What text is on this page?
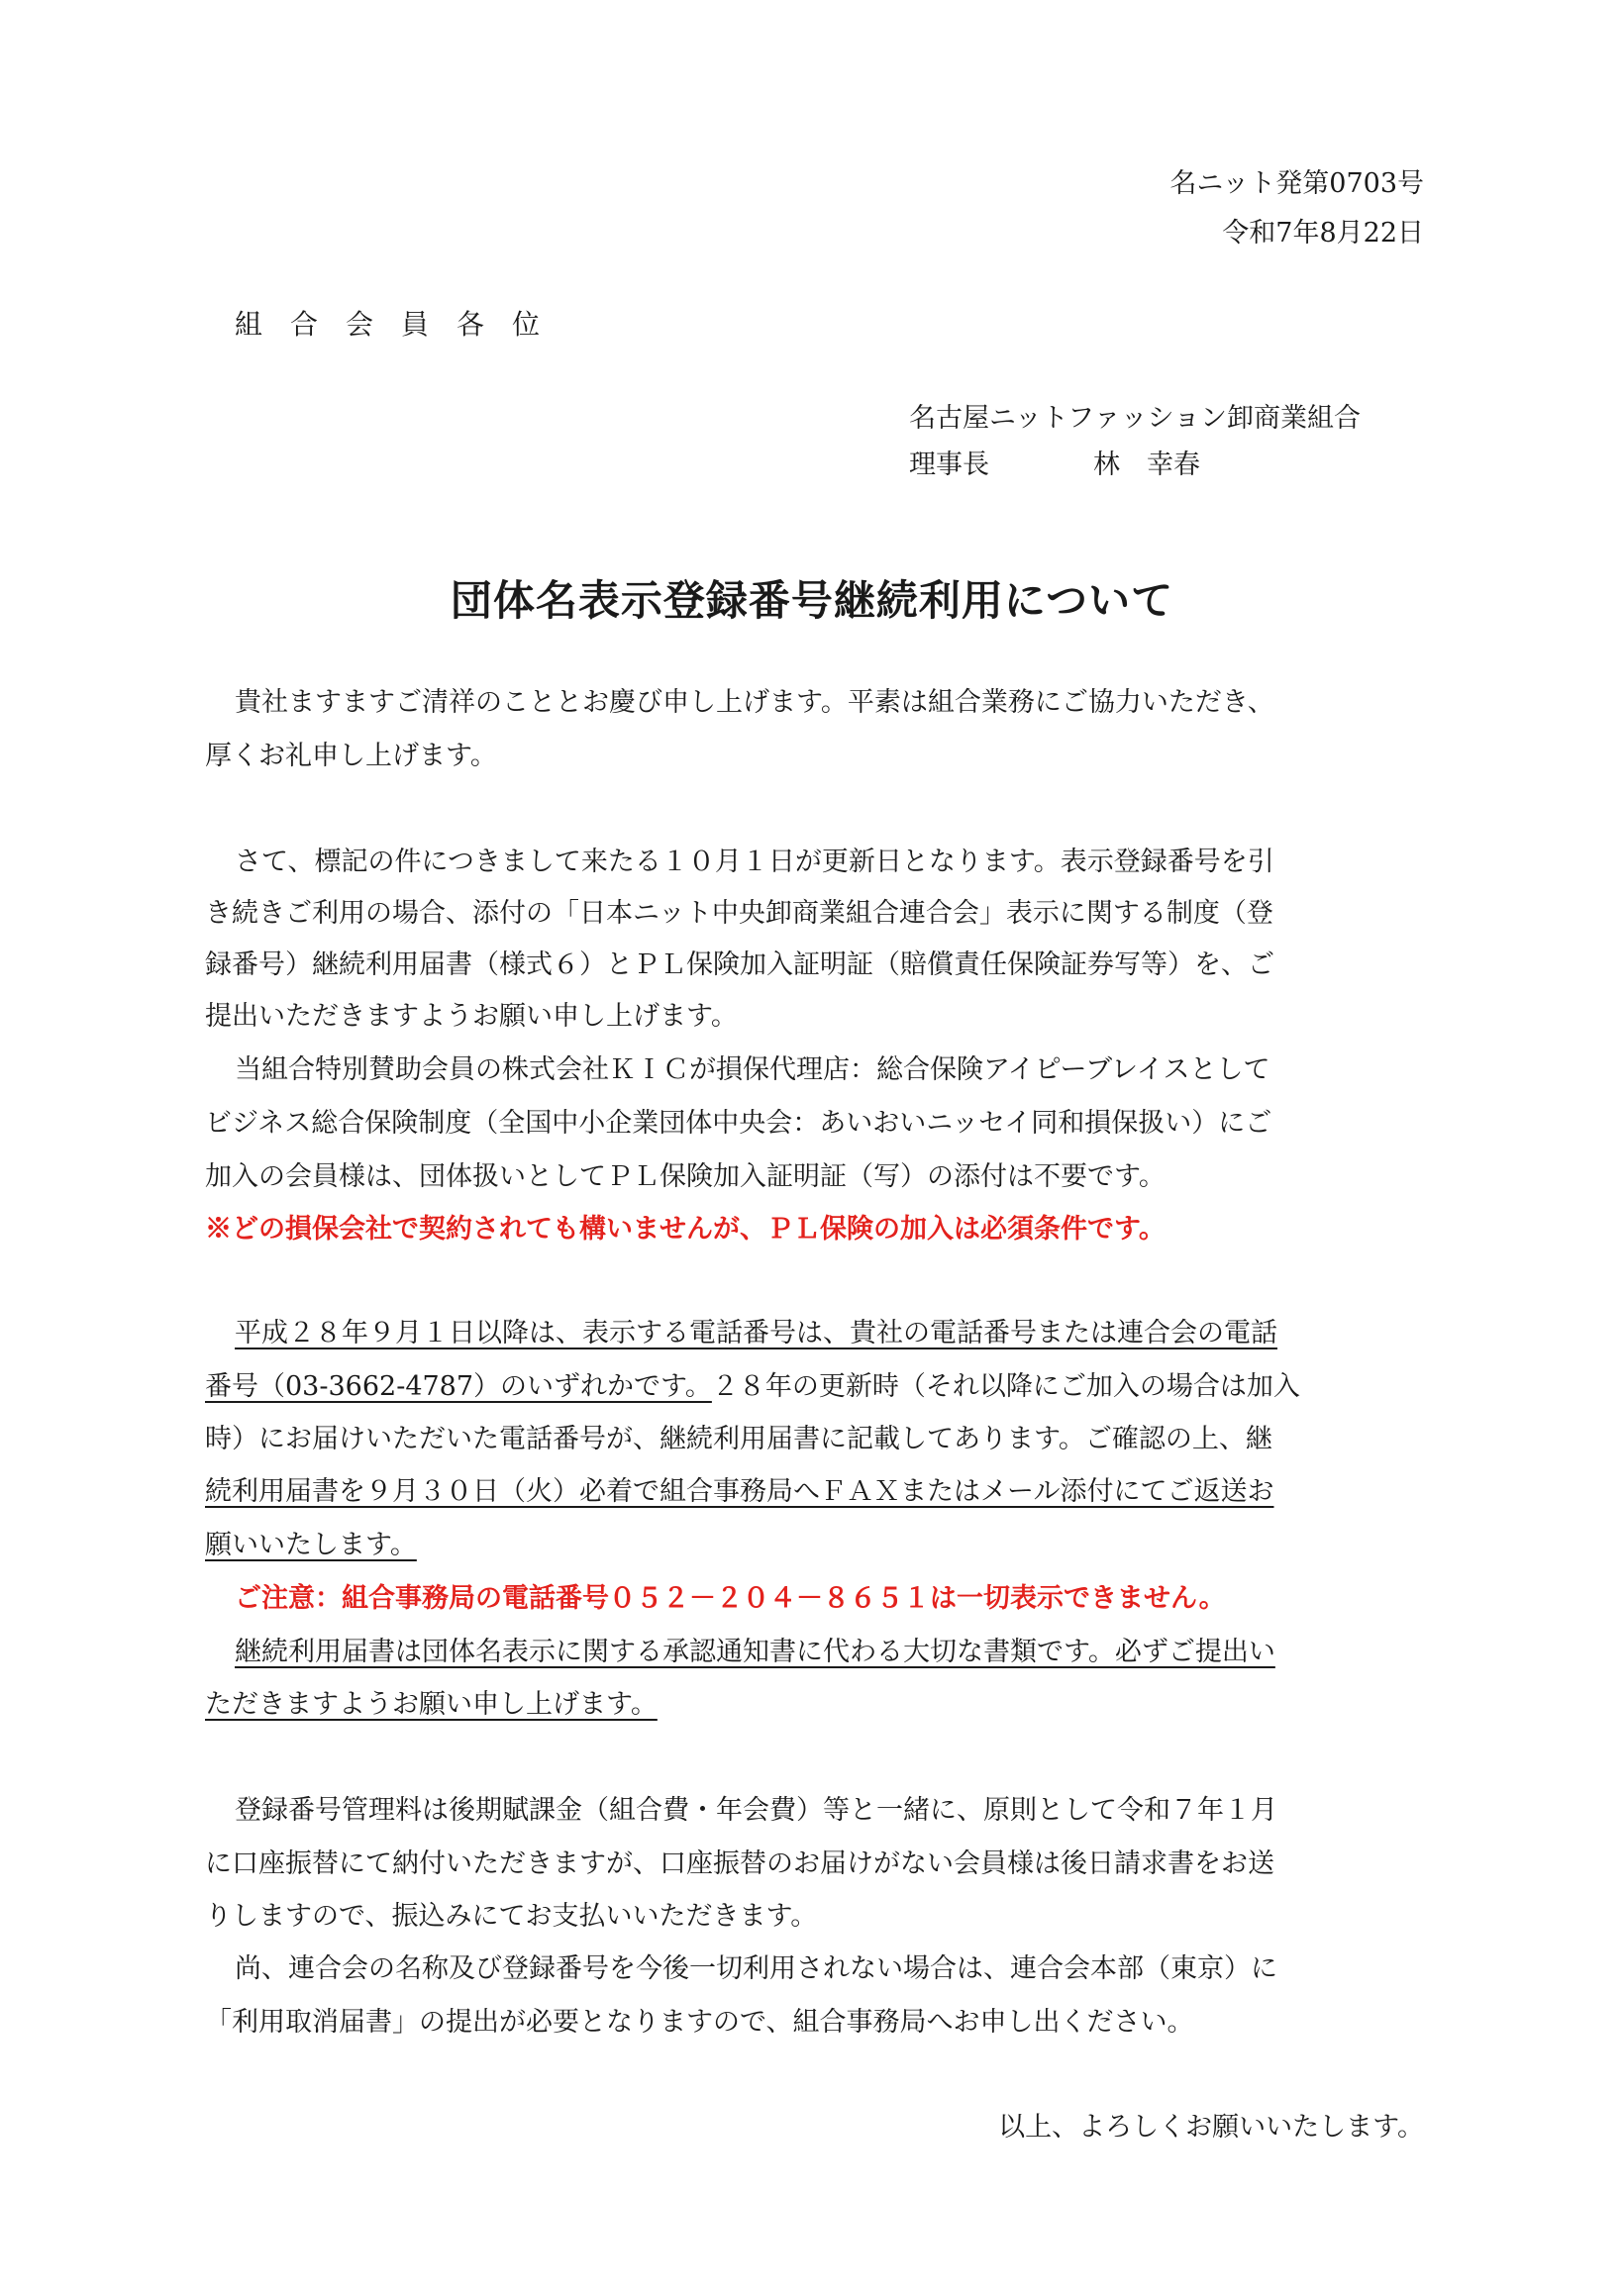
名ニット発第0703号

令和7年8月22日

組　合　会　員　各　位

名古屋ニットファッション卸商業組合

理事長	林　幸春

団体名表示登録番号継続利用について

貴社ますますご清祥のこととお慶び申し上げます。平素は組合業務にご協力いただき、

厚くお礼申し上げます。

さて、標記の件につきまして来たる１０月１日が更新日となります。表示登録番号を引

き続きご利用の場合、添付の「日本ニット中央卸商業組合連合会」表示に関する制度（登

録番号）継続利用届書（様式６）とＰＬ保険加入証明証（賠償責任保険証券写等）を、ご

提出いただきますようお願い申し上げます。

当組合特別賛助会員の株式会社ＫＩＣが損保代理店：総合保険アイピーブレイスとして

ビジネス総合保険制度（全国中小企業団体中央会：あいおいニッセイ同和損保扱い）にご

加入の会員様は、団体扱いとしてＰＬ保険加入証明証（写）の添付は不要です。

※どの損保会社で契約されても構いませんが、ＰＬ保険の加入は必須条件です。

平成２８年９月１日以降は、表示する電話番号は、貴社の電話番号または連合会の電話

番号（03-3662-4787）のいずれかです。２８年の更新時（それ以降にご加入の場合は加入

時）にお届けいただいた電話番号が、継続利用届書に記載してあります。ご確認の上、継

続利用届書を９月３０日（火）必着で組合事務局へＦＡＸまたはメール添付にてご返送お

願いいたします。

ご注意：組合事務局の電話番号０５２－２０４－８６５１は一切表示できません。

継続利用届書は団体名表示に関する承認通知書に代わる大切な書類です。必ずご提出い

ただきますようお願い申し上げます。

登録番号管理料は後期賦課金（組合費・年会費）等と一緒に、原則として令和７年１月

に口座振替にて納付いただきますが、口座振替のお届けがない会員様は後日請求書をお送

りしますので、振込みにてお支払いいただきます。

尚、連合会の名称及び登録番号を今後一切利用されない場合は、連合会本部（東京）に

「利用取消届書」の提出が必要となりますので、組合事務局へお申し出ください。

以上、よろしくお願いいたします。
